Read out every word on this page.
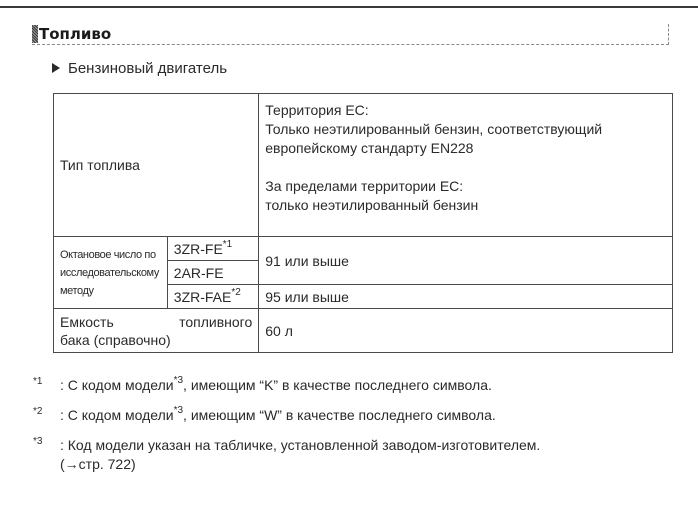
Топливо
Бензиновый двигатель
Тип топлива		Территория ЕС:
Только неэтилированный бензин, соответствующий
европейскому стандарту EN228
За пределами территории ЕС:
только неэтилированный бензин

Октановое число по
исследовательскому
методу	3ZR-FE$^{*1}$	91 или выше
	2AR-FE	
	3ZR-FAE$^{*2}$	95 или выше

Емкость топливного
бака (справочно)		60 л
$^{*1}$ : С кодом модели$^{*3}$, имеющим “K” в качестве последнего символа.
$^{*2}$ : С кодом модели$^{*3}$, имеющим “W” в качестве последнего символа.
$^{*3}$ : Код модели указан на табличке, установленной заводом-изготовителем.
(→стр. 722)
